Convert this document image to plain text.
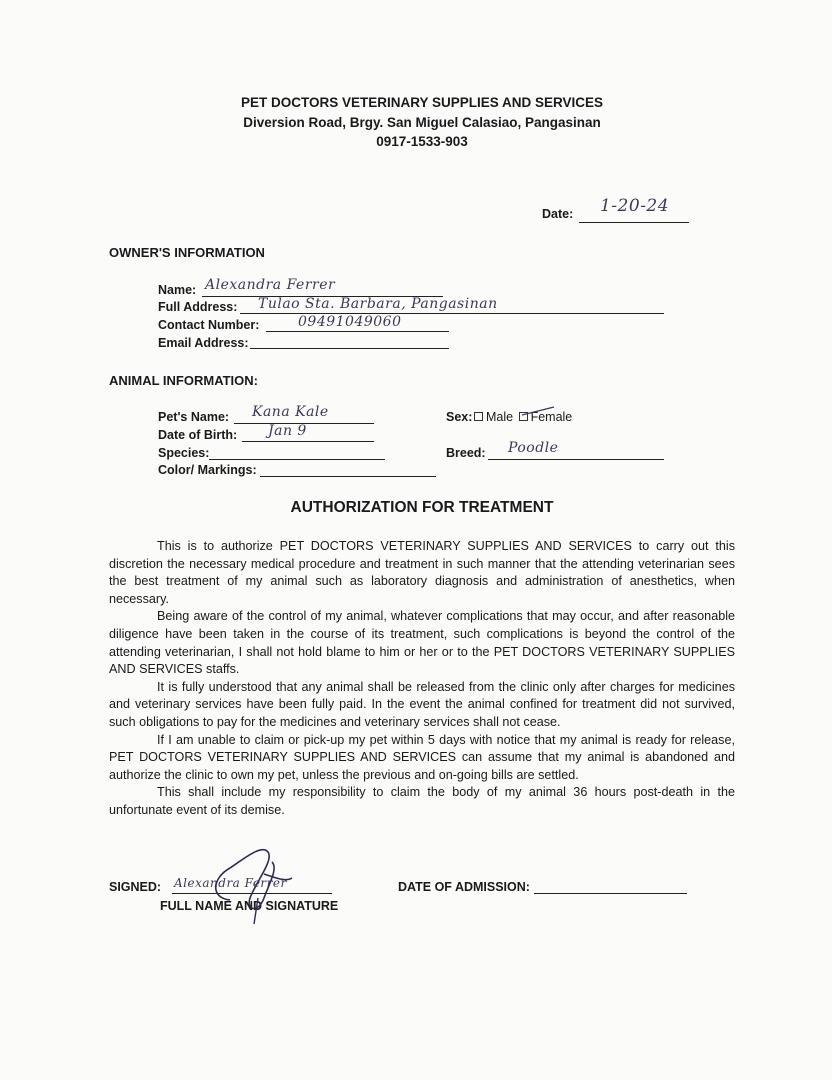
PET DOCTORS VETERINARY SUPPLIES AND SERVICES
Diversion Road, Brgy. San Miguel Calasiao, Pangasinan
0917-1533-903
Date: 1-20-24
OWNER'S INFORMATION
Name: Alexandra Ferrer
Full Address: Tulao Sta. Barbara, Pangasinan
Contact Number:	09491049060
Email Address:
ANIMAL INFORMATION:
Pet's Name: Kana Kale	Sex:	Male Female
Date of Birth: Jan 9
Species:	Breed: Poodle
Color/ Markings:
AUTHORIZATION FOR TREATMENT

This is to authorize PET DOCTORS VETERINARY SUPPLIES AND SERVICES to carry out this discretion the necessary medical procedure and treatment in such manner that the attending veterinarian sees the best treatment of my animal such as laboratory diagnosis and administration of anesthetics, when necessary.

Being aware of the control of my animal, whatever complications that may occur, and after reasonable diligence have been taken in the course of its treatment, such complications is beyond the control of the attending veterinarian, I shall not hold blame to him or her or to the PET DOCTORS VETERINARY SUPPLIES AND SERVICES staffs.

It is fully understood that any animal shall be released from the clinic only after charges for medicines and veterinary services have been fully paid. In the event the animal confined for treatment did not survived, such obligations to pay for the medicines and veterinary services shall not cease.

If I am unable to claim or pick-up my pet within 5 days with notice that my animal is ready for release, PET DOCTORS VETERINARY SUPPLIES AND SERVICES can assume that my animal is abandoned and authorize the clinic to own my pet, unless the previous and on-going bills are settled.

This shall include my responsibility to claim the body of my animal 36 hours post-death in the unfortunate event of its demise.

SIGNED: Alexandra Ferrer
FULL NAME AND SIGNATURE
DATE OF ADMISSION:
